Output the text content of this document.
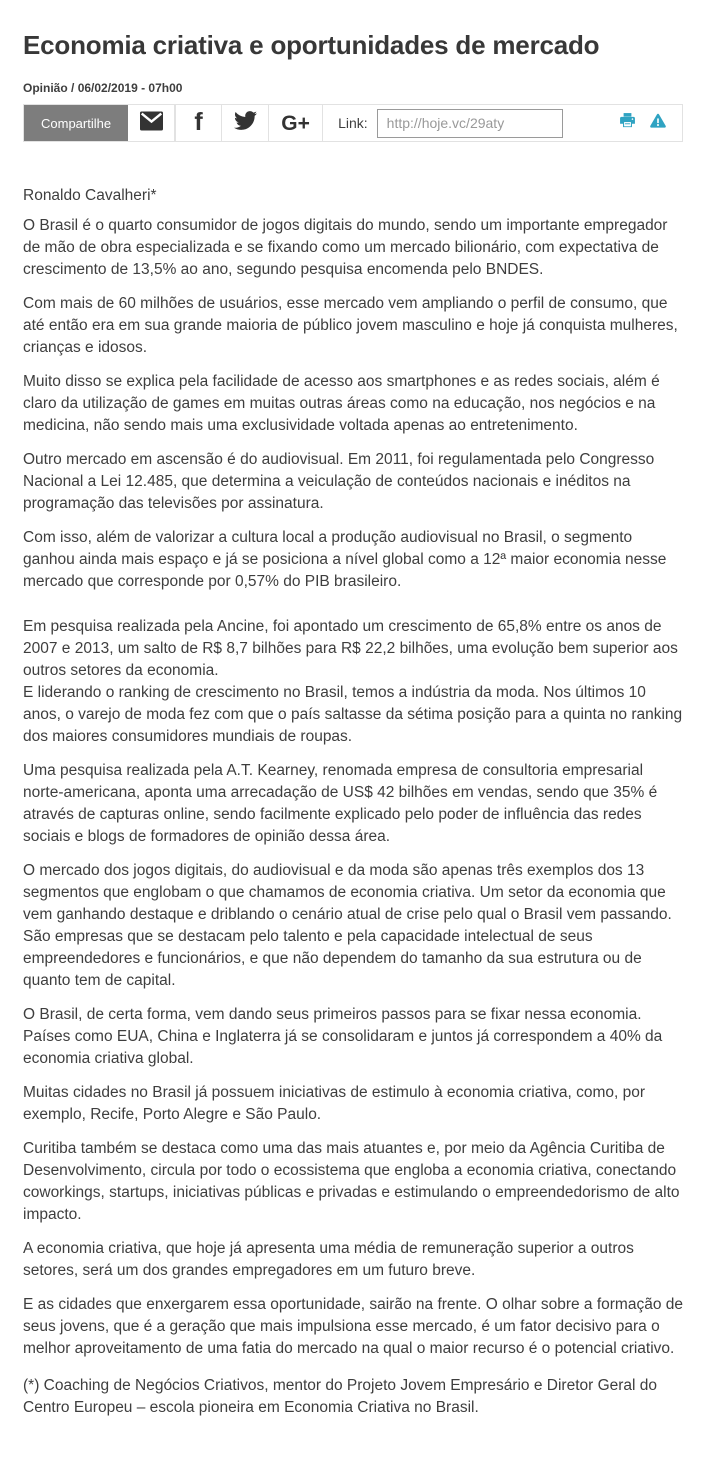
Economia criativa e oportunidades de mercado
Opinião / 06/02/2019 - 07h00
Compartilhe	f	G+ Link:
http://hoje.vc/29aty

Ronaldo Cavalheri*

O Brasil é o quarto consumidor de jogos digitais do mundo, sendo um importante empregador de mão de obra especializada e se fixando como um mercado bilionário, com expectativa de crescimento de 13,5% ao ano, segundo pesquisa encomenda pelo BNDES.

Com mais de 60 milhões de usuários, esse mercado vem ampliando o perfil de consumo, que até então era em sua grande maioria de público jovem masculino e hoje já conquista mulheres, crianças e idosos.

Muito disso se explica pela facilidade de acesso aos smartphones e as redes sociais, além é claro da utilização de games em muitas outras áreas como na educação, nos negócios e na medicina, não sendo mais uma exclusividade voltada apenas ao entretenimento.

Outro mercado em ascensão é do audiovisual. Em 2011, foi regulamentada pelo Congresso Nacional a Lei 12.485, que determina a veiculação de conteúdos nacionais e inéditos na programação das televisões por assinatura.

Com isso, além de valorizar a cultura local a produção audiovisual no Brasil, o segmento ganhou ainda mais espaço e já se posiciona a nível global como a 12ª maior economia nesse mercado que corresponde por 0,57% do PIB brasileiro.

Em pesquisa realizada pela Ancine, foi apontado um crescimento de 65,8% entre os anos de 2007 e 2013, um salto de R$ 8,7 bilhões para R$ 22,2 bilhões, uma evolução bem superior aos outros setores da economia.

E liderando o ranking de crescimento no Brasil, temos a indústria da moda. Nos últimos 10 anos, o varejo de moda fez com que o país saltasse da sétima posição para a quinta no ranking dos maiores consumidores mundiais de roupas.

Uma pesquisa realizada pela A.T. Kearney, renomada empresa de consultoria empresarial norte-americana, aponta uma arrecadação de US$ 42 bilhões em vendas, sendo que 35% é através de capturas online, sendo facilmente explicado pelo poder de influência das redes sociais e blogs de formadores de opinião dessa área.

O mercado dos jogos digitais, do audiovisual e da moda são apenas três exemplos dos 13 segmentos que englobam o que chamamos de economia criativa. Um setor da economia que vem ganhando destaque e driblando o cenário atual de crise pelo qual o Brasil vem passando. São empresas que se destacam pelo talento e pela capacidade intelectual de seus empreendedores e funcionários, e que não dependem do tamanho da sua estrutura ou de quanto tem de capital.

O Brasil, de certa forma, vem dando seus primeiros passos para se fixar nessa economia. Países como EUA, China e Inglaterra já se consolidaram e juntos já correspondem a 40% da economia criativa global.

Muitas cidades no Brasil já possuem iniciativas de estimulo à economia criativa, como, por exemplo, Recife, Porto Alegre e São Paulo.

Curitiba também se destaca como uma das mais atuantes e, por meio da Agência Curitiba de Desenvolvimento, circula por todo o ecossistema que engloba a economia criativa, conectando coworkings, startups, iniciativas públicas e privadas e estimulando o empreendedorismo de alto impacto.

A economia criativa, que hoje já apresenta uma média de remuneração superior a outros setores, será um dos grandes empregadores em um futuro breve.

E as cidades que enxergarem essa oportunidade, sairão na frente. O olhar sobre a formação de seus jovens, que é a geração que mais impulsiona esse mercado, é um fator decisivo para o melhor aproveitamento de uma fatia do mercado na qual o maior recurso é o potencial criativo.

(*) Coaching de Negócios Criativos, mentor do Projeto Jovem Empresário e Diretor Geral do Centro Europeu – escola pioneira em Economia Criativa no Brasil.
